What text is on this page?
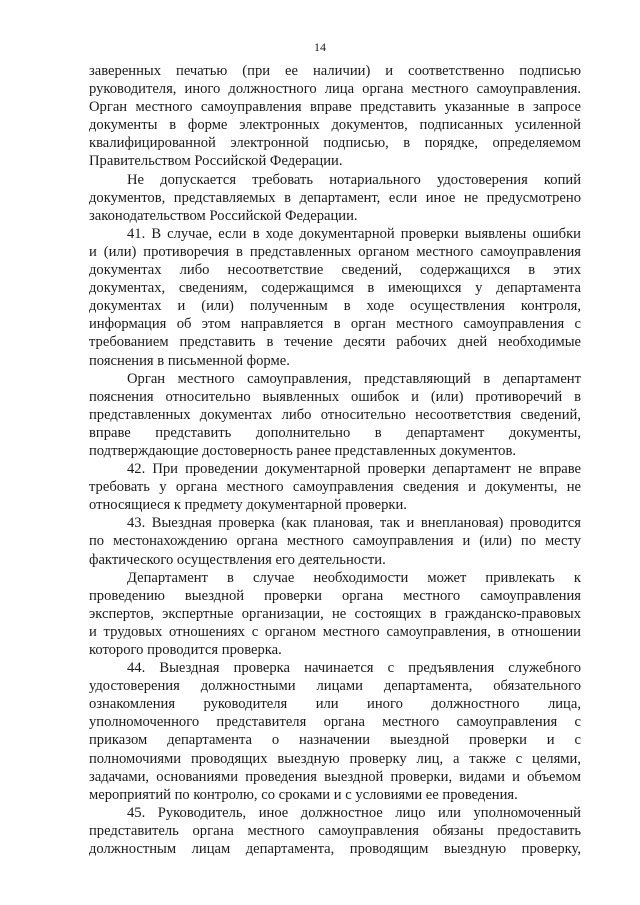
14
заверенных печатью (при ее наличии) и соответственно подписью
руководителя, иного должностного лица органа местного самоуправления.
Орган местного самоуправления вправе представить указанные в запросе
документы в форме электронных документов, подписанных усиленной
квалифицированной электронной подписью, в порядке, определяемом
Правительством Российской Федерации.
Не допускается требовать нотариального удостоверения копий
документов, представляемых в департамент, если иное не предусмотрено
законодательством Российской Федерации.
41. В случае, если в ходе документарной проверки выявлены ошибки
и (или) противоречия в представленных органом местного самоуправления
документах либо несоответствие сведений, содержащихся в этих
документах, сведениям, содержащимся в имеющихся у департамента
документах и (или) полученным в ходе осуществления контроля,
информация об этом направляется в орган местного самоуправления с
требованием представить в течение десяти рабочих дней необходимые
пояснения в письменной форме.
Орган местного самоуправления, представляющий в департамент
пояснения относительно выявленных ошибок и (или) противоречий в
представленных документах либо относительно несоответствия сведений,
вправе представить дополнительно в департамент документы,
подтверждающие достоверность ранее представленных документов.
42. При проведении документарной проверки департамент не вправе
требовать у органа местного самоуправления сведения и документы, не
относящиеся к предмету документарной проверки.
43. Выездная проверка (как плановая, так и внеплановая) проводится
по местонахождению органа местного самоуправления и (или) по месту
фактического осуществления его деятельности.
Департамент в случае необходимости может привлекать к
проведению выездной проверки органа местного самоуправления
экспертов, экспертные организации, не состоящих в гражданско-правовых
и трудовых отношениях с органом местного самоуправления, в отношении
которого проводится проверка.
44. Выездная проверка начинается с предъявления служебного
удостоверения должностными лицами департамента, обязательного
ознакомления руководителя или иного должностного лица,
уполномоченного представителя органа местного самоуправления с
приказом департамента о назначении выездной проверки и с
полномочиями проводящих выездную проверку лиц, а также с целями,
задачами, основаниями проведения выездной проверки, видами и объемом
мероприятий по контролю, со сроками и с условиями ее проведения.
45. Руководитель, иное должностное лицо или уполномоченный
представитель органа местного самоуправления обязаны предоставить
должностным лицам департамента, проводящим выездную проверку,
